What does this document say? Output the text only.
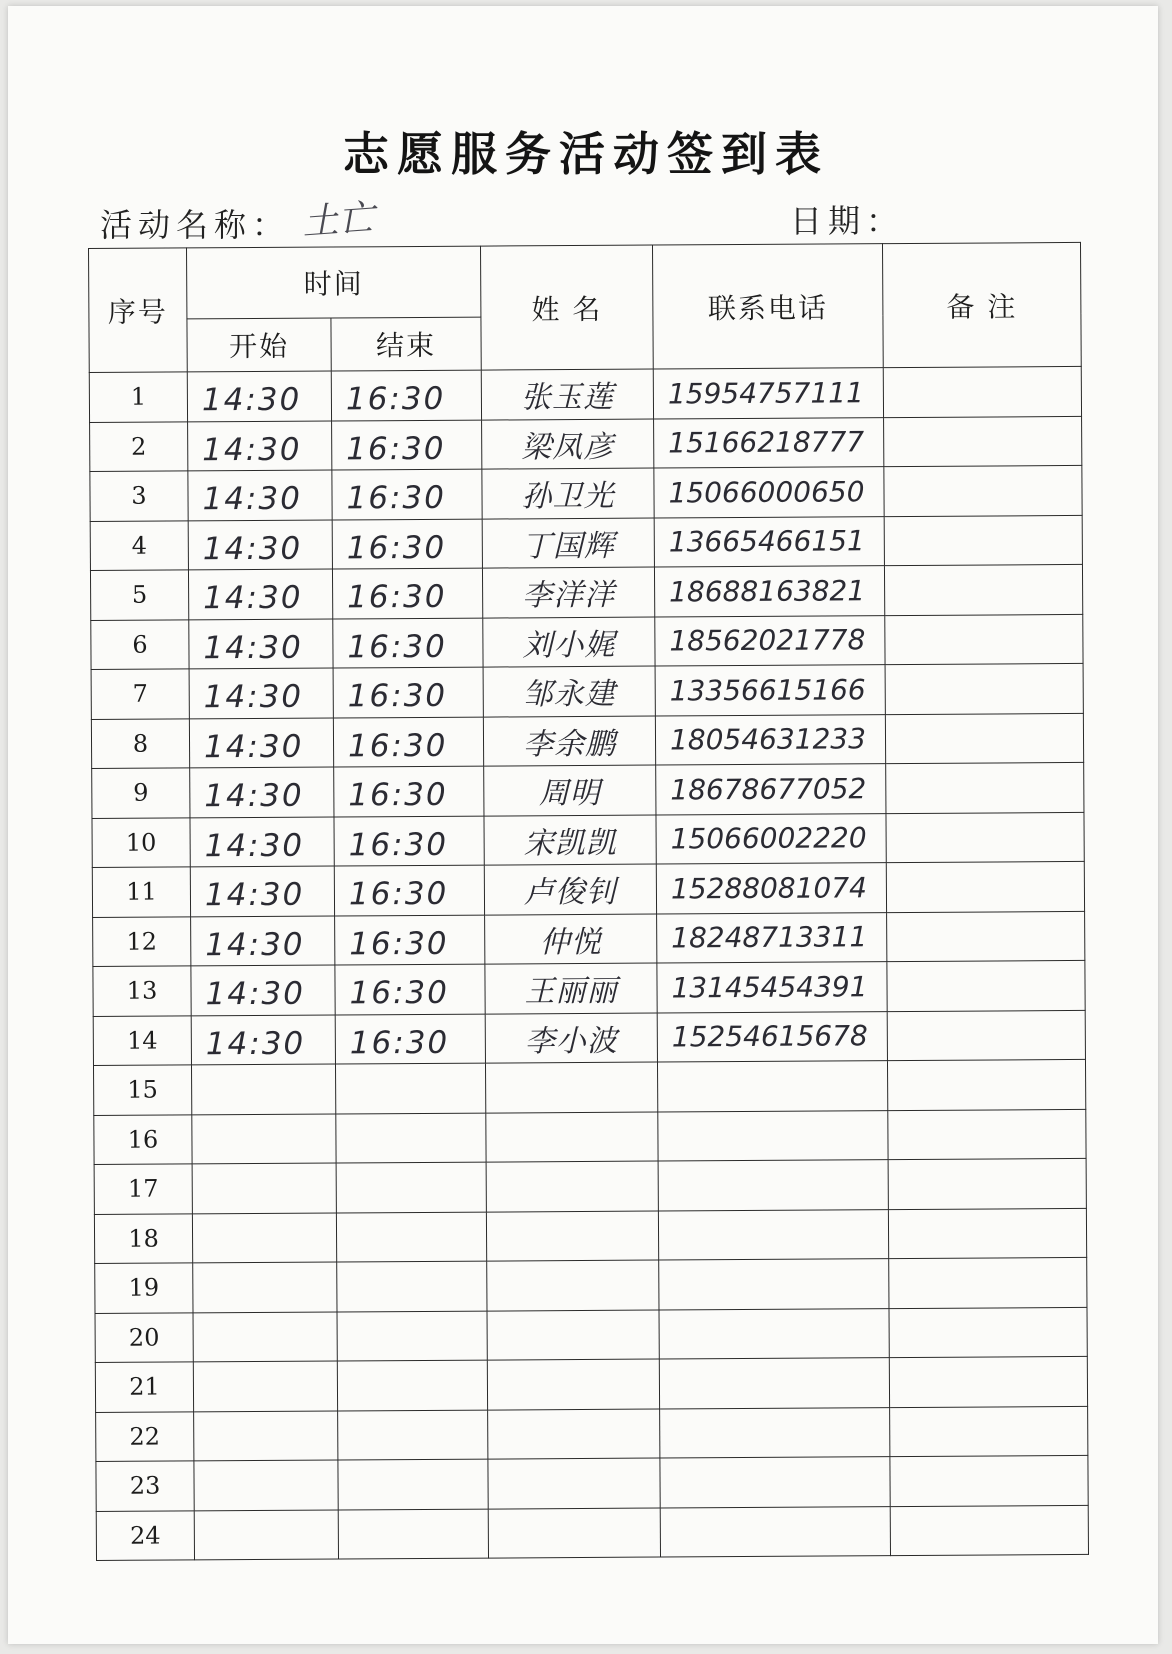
志愿服务活动签到表
活动名称： 土亡	日期：
序号	时间		姓 名	联系电话	备 注
	开始	结束			
1	14:30	16:30	张玉莲	15954757111	
2	14:30	16:30	梁凤彦	15166218777	
3	14:30	16:30	孙卫光	15066000650	
4	14:30	16:30	丁国辉	13665466151	
5	14:30	16:30	李洋洋	18688163821	
6	14:30	16:30	刘小娓	18562021778	
7	14:30	16:30	邹永建	13356615166	
8	14:30	16:30	李余鹏	18054631233	
9	14:30	16:30	周明	18678677052	
10	14:30	16:30	宋凯凯	15066002220	
11	14:30	16:30	卢俊钊	15288081074	
12	14:30	16:30	仲悦	18248713311	
13	14:30	16:30	王丽丽	13145454391	
14	14:30	16:30	李小波	15254615678	
15					
16					
17					
18					
19					
20					
21					
22					
23					
24					
